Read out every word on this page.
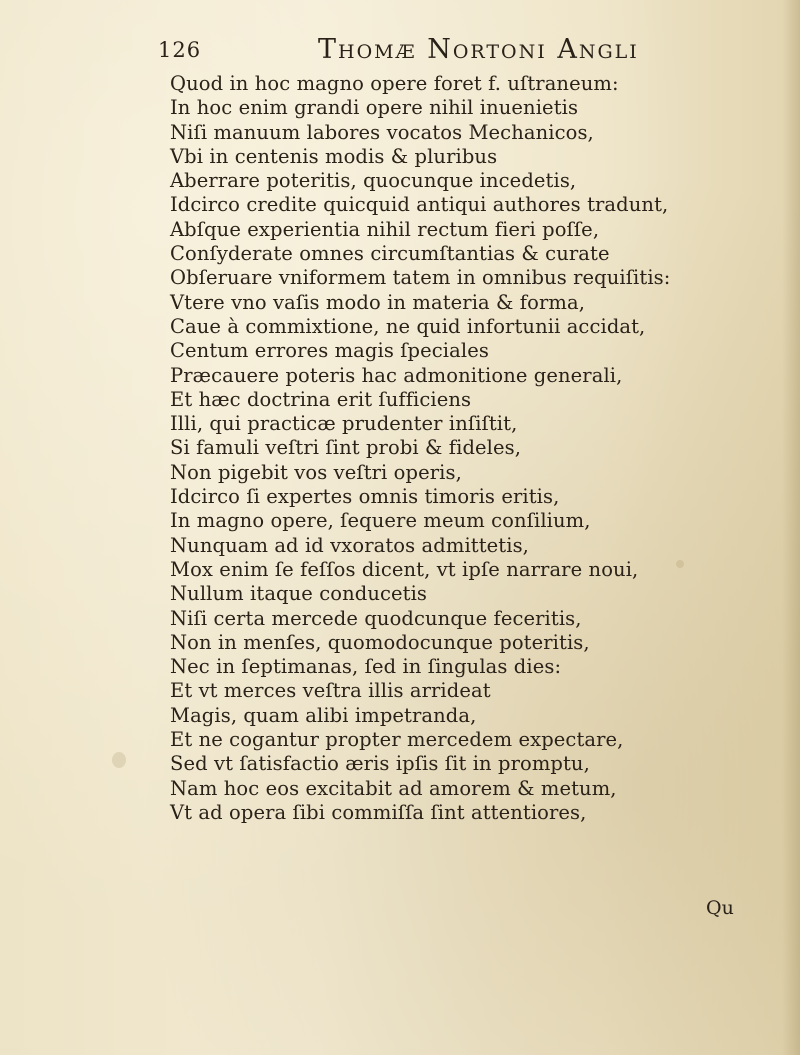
126	Thomæ Nortoni Angli
Quod in hoc magno opere foret f. uſtraneum:
In hoc enim grandi opere nihil inuenietis
Niſi manuum labores vocatos Mechanicos,
Vbi in centenis modis & pluribus
Aberrare poteritis, quocunque incedetis,
Idcirco credite quicquid antiqui authores tradunt,
Abſque experientia nihil rectum fieri poſſe,
Conſyderate omnes circumſtantias & curate
Obſeruare vniformem tatem in omnibus requiſitis:
Vtere vno vaſis modo in materia & forma,
Caue à commixtione, ne quid infortunii accidat,
Centum errores magis ſpeciales
Præcauere poteris hac admonitione generali,
Et hæc doctrina erit ſufficiens
Illi, qui practicæ prudenter inſiſtit,
Si famuli veſtri ſint probi & fideles,
Non pigebit vos veſtri operis,
Idcirco ſi expertes omnis timoris eritis,
In magno opere, ſequere meum conſilium,
Nunquam ad id vxoratos admittetis,
Mox enim ſe feſſos dicent, vt ipſe narrare noui,
Nullum itaque conducetis
Niſi certa mercede quodcunque feceritis,
Non in menſes, quomodocunque poteritis,
Nec in ſeptimanas, ſed in ſingulas dies:
Et vt merces veſtra illis arrideat
Magis, quam alibi impetranda,
Et ne cogantur propter mercedem expectare,
Sed vt ſatisfactio æris ipſis ſit in promptu,
Nam hoc eos excitabit ad amorem & metum,
Vt ad opera ſibi commiſſa ſint attentiores,
Qu
